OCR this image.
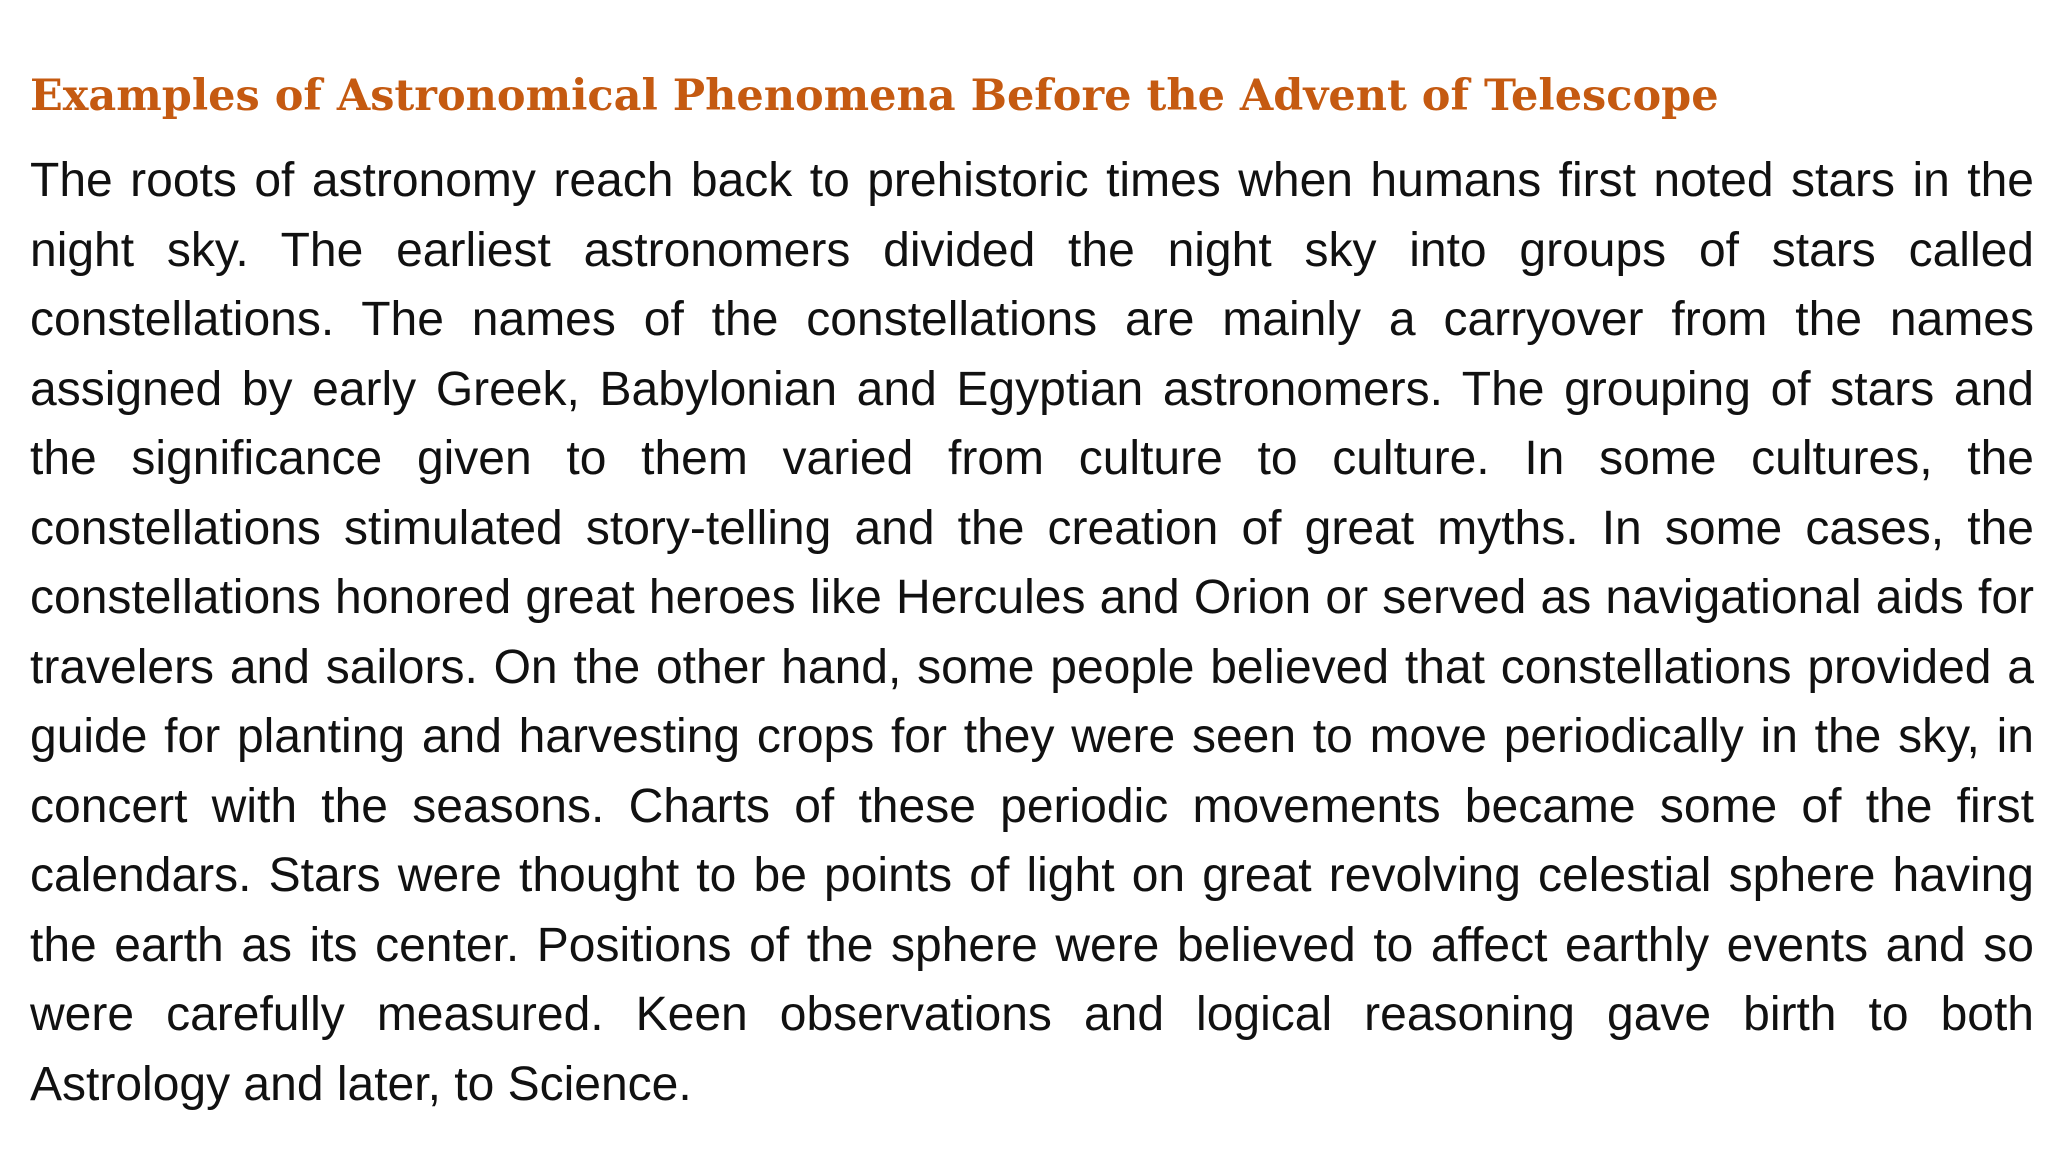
Examples of Astronomical Phenomena Before the Advent of Telescope

The roots of astronomy reach back to prehistoric times when humans first noted stars in the night sky. The earliest astronomers divided the night sky into groups of stars called constellations. The names of the constellations are mainly a carryover from the names assigned by early Greek, Babylonian and Egyptian astronomers. The grouping of stars and the significance given to them varied from culture to culture. In some cultures, the constellations stimulated story-telling and the creation of great myths. In some cases, the constellations honored great heroes like Hercules and Orion or served as navigational aids for travelers and sailors. On the other hand, some people believed that constellations provided a guide for planting and harvesting crops for they were seen to move periodically in the sky, in concert with the seasons. Charts of these periodic movements became some of the first calendars. Stars were thought to be points of light on great revolving celestial sphere having the earth as its center. Positions of the sphere were believed to affect earthly events and so were carefully measured. Keen observations and logical reasoning gave birth to both Astrology and later, to Science.
